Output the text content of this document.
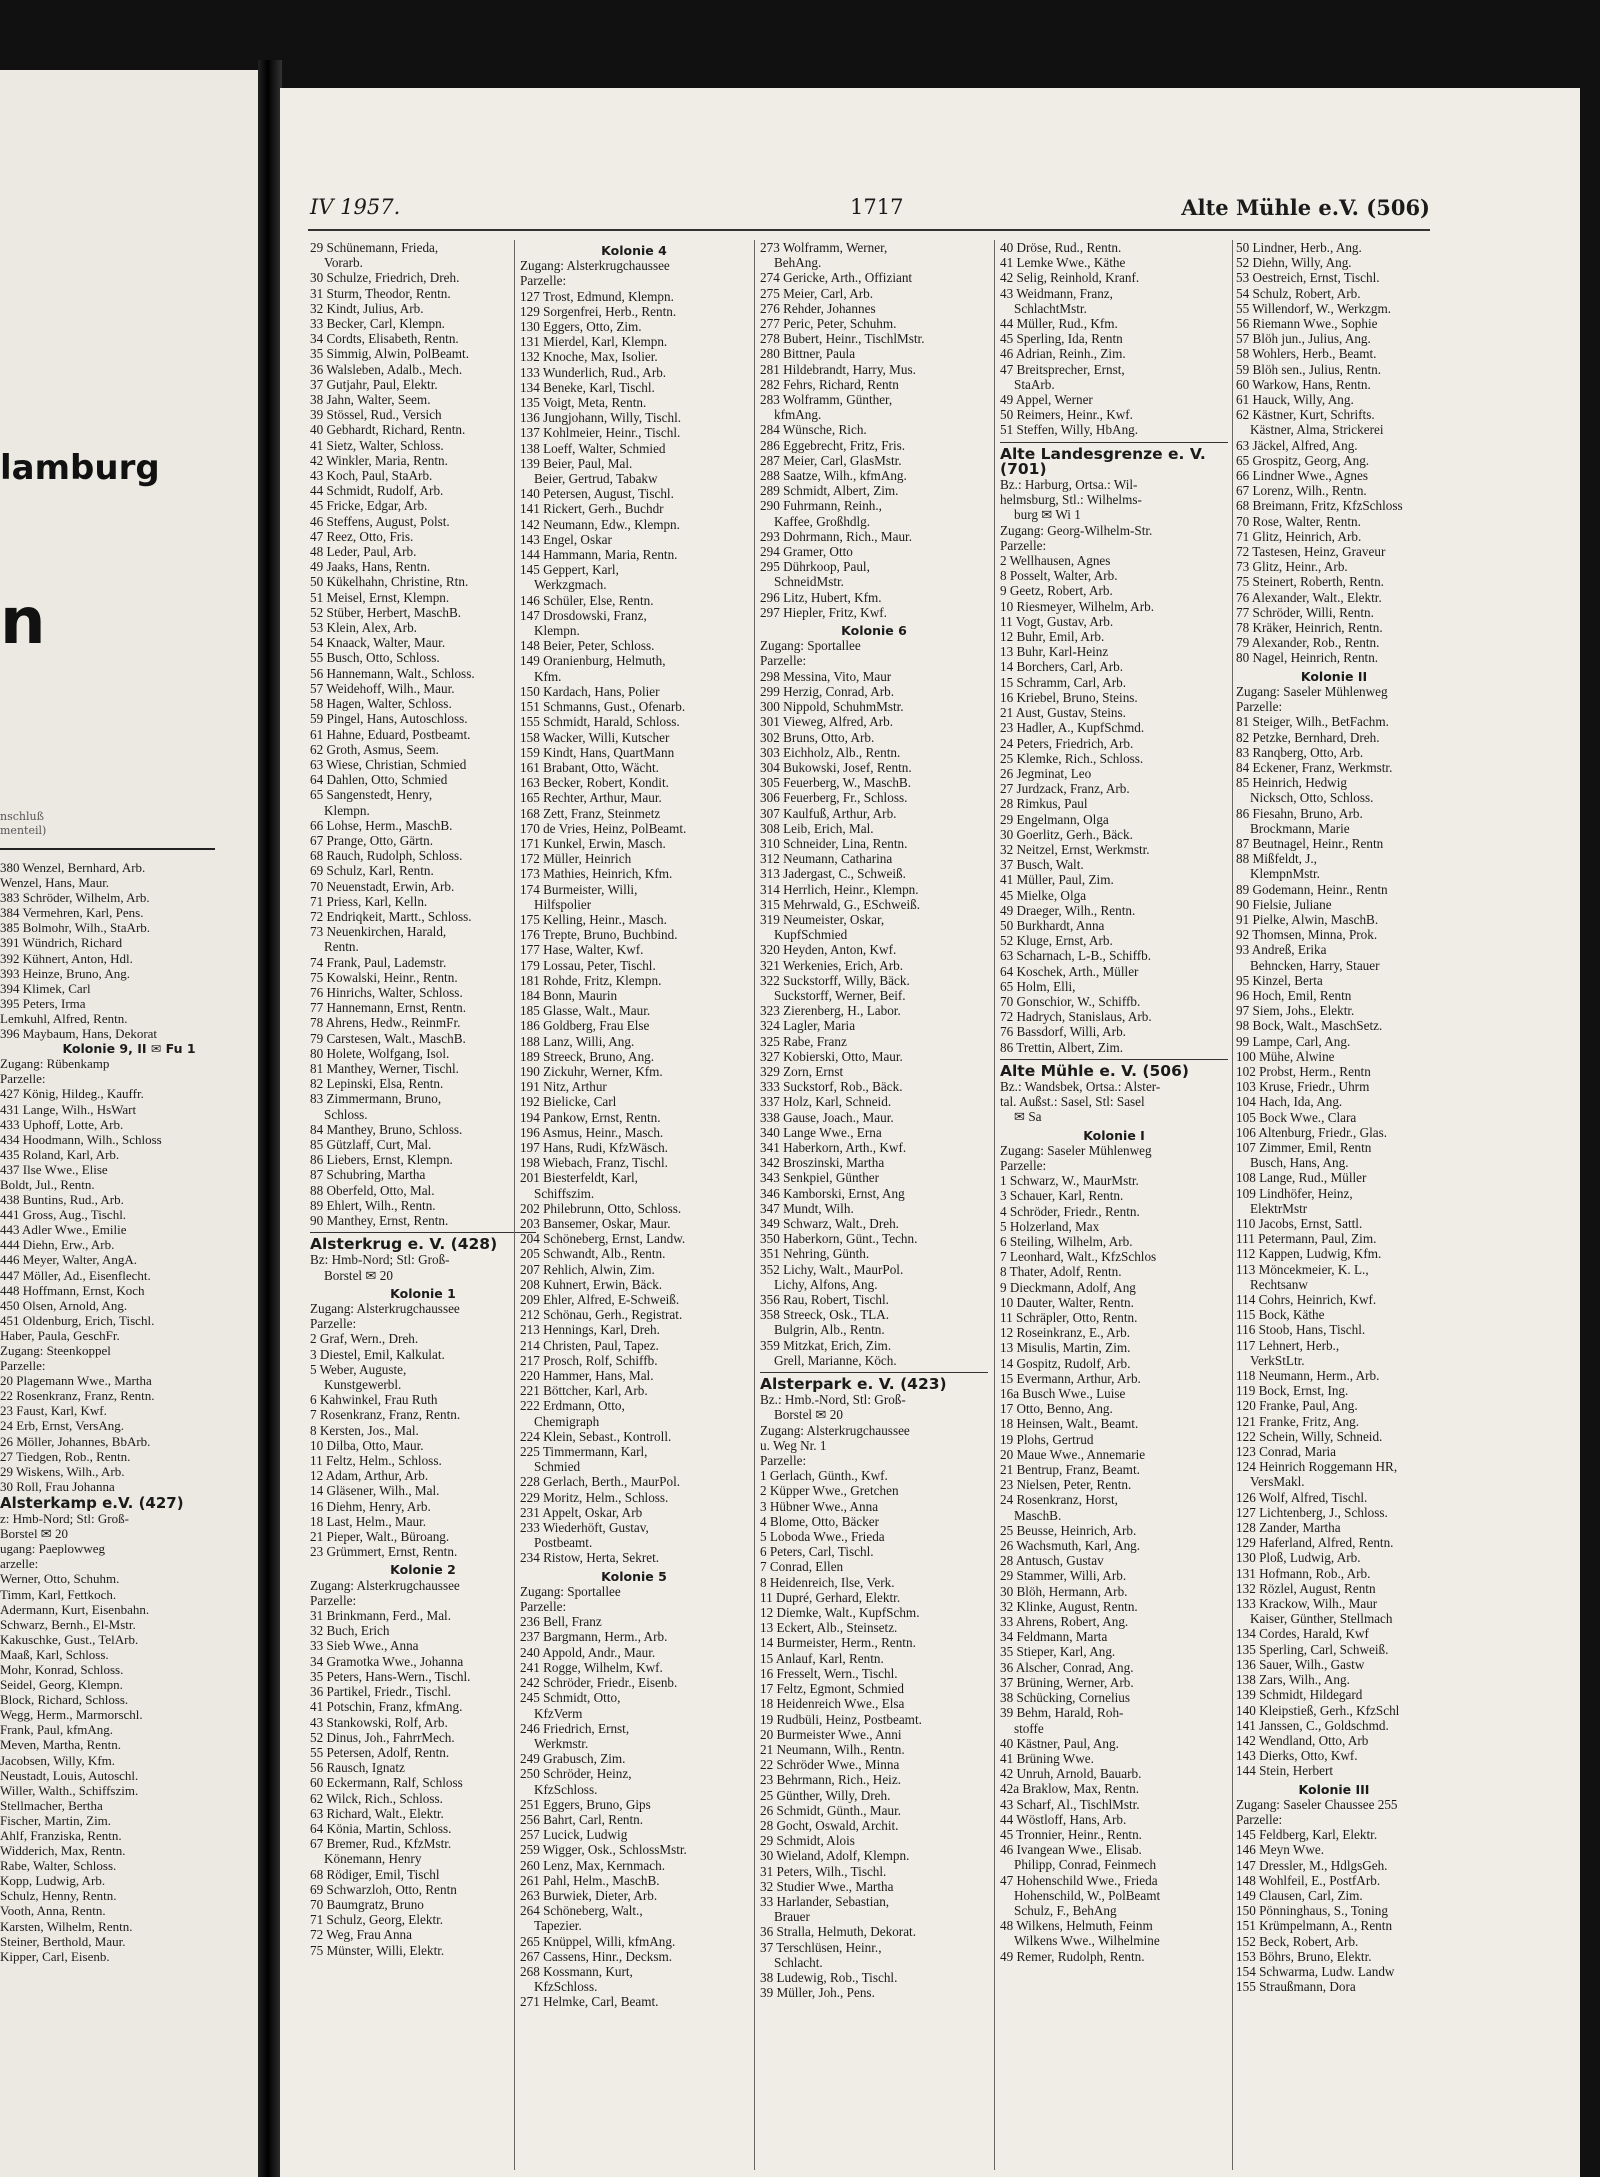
lamburg
n
nschluß
menteil)
380 Wenzel, Bernhard, Arb.
Wenzel, Hans, Maur.
383 Schröder, Wilhelm, Arb.
384 Vermehren, Karl, Pens.
385 Bolmohr, Wilh., StaArb.
391 Wündrich, Richard
392 Kühnert, Anton, Hdl.
393 Heinze, Bruno, Ang.
394 Klimek, Carl
395 Peters, Irma
Lemkuhl, Alfred, Rentn.
396 Maybaum, Hans, Dekorat
Kolonie 9, II ✉ Fu 1
Zugang: Rübenkamp
Parzelle:
427 König, Hildeg., Kauffr.
431 Lange, Wilh., HsWart
433 Uphoff, Lotte, Arb.
434 Hoodmann, Wilh., Schloss
435 Roland, Karl, Arb.
437 Ilse Wwe., Elise
Boldt, Jul., Rentn.
438 Buntins, Rud., Arb.
441 Gross, Aug., Tischl.
443 Adler Wwe., Emilie
444 Diehn, Erw., Arb.
446 Meyer, Walter, AngA.
447 Möller, Ad., Eisenflecht.
448 Hoffmann, Ernst, Koch
450 Olsen, Arnold, Ang.
451 Oldenburg, Erich, Tischl.
Haber, Paula, GeschFr.
Zugang: Steenkoppel
Parzelle:
20 Plagemann Wwe., Martha
22 Rosenkranz, Franz, Rentn.
23 Faust, Karl, Kwf.
24 Erb, Ernst, VersAng.
26 Möller, Johannes, BbArb.
27 Tiedgen, Rob., Rentn.
29 Wiskens, Wilh., Arb.
30 Roll, Frau Johanna
Alsterkamp e.V. (427)
z: Hmb-Nord; Stl: Groß-
Borstel ✉ 20
ugang: Paeplowweg
arzelle:
Werner, Otto, Schuhm.
Timm, Karl, Fettkoch.
Adermann, Kurt, Eisenbahn.
Schwarz, Bernh., El-Mstr.
Kakuschke, Gust., TelArb.
Maaß, Karl, Schloss.
Mohr, Konrad, Schloss.
Seidel, Georg, Klempn.
Block, Richard, Schloss.
Wegg, Herm., Marmorschl.
Frank, Paul, kfmAng.
Meven, Martha, Rentn.
Jacobsen, Willy, Kfm.
Neustadt, Louis, Autoschl.
Willer, Walth., Schiffszim.
Stellmacher, Bertha
Fischer, Martin, Zim.
Ahlf, Franziska, Rentn.
Widderich, Max, Rentn.
Rabe, Walter, Schloss.
Kopp, Ludwig, Arb.
Schulz, Henny, Rentn.
Vooth, Anna, Rentn.
Karsten, Wilhelm, Rentn.
Steiner, Berthold, Maur.
Kipper, Carl, Eisenb.
IV 1957.	1717	Alte Mühle e.V. (506)
29 Schünemann, Frieda,
Vorarb.
30 Schulze, Friedrich, Dreh.
31 Sturm, Theodor, Rentn.
32 Kindt, Julius, Arb.
33 Becker, Carl, Klempn.
34 Cordts, Elisabeth, Rentn.
35 Simmig, Alwin, PolBeamt.
36 Walsleben, Adalb., Mech.
37 Gutjahr, Paul, Elektr.
38 Jahn, Walter, Seem.
39 Stössel, Rud., Versich
40 Gebhardt, Richard, Rentn.
41 Sietz, Walter, Schloss.
42 Winkler, Maria, Rentn.
43 Koch, Paul, StaArb.
44 Schmidt, Rudolf, Arb.
45 Fricke, Edgar, Arb.
46 Steffens, August, Polst.
47 Reez, Otto, Fris.
48 Leder, Paul, Arb.
49 Jaaks, Hans, Rentn.
50 Kükelhahn, Christine, Rtn.
51 Meisel, Ernst, Klempn.
52 Stüber, Herbert, MaschB.
53 Klein, Alex, Arb.
54 Knaack, Walter, Maur.
55 Busch, Otto, Schloss.
56 Hannemann, Walt., Schloss.
57 Weidehoff, Wilh., Maur.
58 Hagen, Walter, Schloss.
59 Pingel, Hans, Autoschloss.
61 Hahne, Eduard, Postbeamt.
62 Groth, Asmus, Seem.
63 Wiese, Christian, Schmied
64 Dahlen, Otto, Schmied
65 Sangenstedt, Henry,
Klempn.
66 Lohse, Herm., MaschB.
67 Prange, Otto, Gärtn.
68 Rauch, Rudolph, Schloss.
69 Schulz, Karl, Rentn.
70 Neuenstadt, Erwin, Arb.
71 Priess, Karl, Kelln.
72 Endriqkeit, Martt., Schloss.
73 Neuenkirchen, Harald,
Rentn.
74 Frank, Paul, Lademstr.
75 Kowalski, Heinr., Rentn.
76 Hinrichs, Walter, Schloss.
77 Hannemann, Ernst, Rentn.
78 Ahrens, Hedw., ReinmFr.
79 Carstesen, Walt., MaschB.
80 Holete, Wolfgang, Isol.
81 Manthey, Werner, Tischl.
82 Lepinski, Elsa, Rentn.
83 Zimmermann, Bruno,
Schloss.
84 Manthey, Bruno, Schloss.
85 Gützlaff, Curt, Mal.
86 Liebers, Ernst, Klempn.
87 Schubring, Martha
88 Oberfeld, Otto, Mal.
89 Ehlert, Wilh., Rentn.
90 Manthey, Ernst, Rentn.
Alsterkrug e. V. (428)
Bz: Hmb-Nord; Stl: Groß-
Borstel ✉ 20
Kolonie 1
Zugang: Alsterkrugchaussee
Parzelle:
2 Graf, Wern., Dreh.
3 Diestel, Emil, Kalkulat.
5 Weber, Auguste,
Kunstgewerbl.
6 Kahwinkel, Frau Ruth
7 Rosenkranz, Franz, Rentn.
8 Kersten, Jos., Mal.
10 Dilba, Otto, Maur.
11 Feltz, Helm., Schloss.
12 Adam, Arthur, Arb.
14 Gläsener, Wilh., Mal.
16 Diehm, Henry, Arb.
18 Last, Helm., Maur.
21 Pieper, Walt., Büroang.
23 Grümmert, Ernst, Rentn.
Kolonie 2
Zugang: Alsterkrugchaussee
Parzelle:
31 Brinkmann, Ferd., Mal.
32 Buch, Erich
33 Sieb Wwe., Anna
34 Gramotka Wwe., Johanna
35 Peters, Hans-Wern., Tischl.
36 Partikel, Friedr., Tischl.
41 Potschin, Franz, kfmAng.
43 Stankowski, Rolf, Arb.
52 Dinus, Joh., FahrrMech.
55 Petersen, Adolf, Rentn.
56 Rausch, Ignatz
60 Eckermann, Ralf, Schloss
62 Wilck, Rich., Schloss.
63 Richard, Walt., Elektr.
64 Könia, Martin, Schloss.
67 Bremer, Rud., KfzMstr.
Könemann, Henry
68 Rödiger, Emil, Tischl
69 Schwarzloh, Otto, Rentn
70 Baumgratz, Bruno
71 Schulz, Georg, Elektr.
72 Weg, Frau Anna
75 Münster, Willi, Elektr.
Kolonie 4
Zugang: Alsterkrugchaussee
Parzelle:
127 Trost, Edmund, Klempn.
129 Sorgenfrei, Herb., Rentn.
130 Eggers, Otto, Zim.
131 Mierdel, Karl, Klempn.
132 Knoche, Max, Isolier.
133 Wunderlich, Rud., Arb.
134 Beneke, Karl, Tischl.
135 Voigt, Meta, Rentn.
136 Jungjohann, Willy, Tischl.
137 Kohlmeier, Heinr., Tischl.
138 Loeff, Walter, Schmied
139 Beier, Paul, Mal.
Beier, Gertrud, Tabakw
140 Petersen, August, Tischl.
141 Rickert, Gerh., Buchdr
142 Neumann, Edw., Klempn.
143 Engel, Oskar
144 Hammann, Maria, Rentn.
145 Geppert, Karl,
Werkzgmach.
146 Schüler, Else, Rentn.
147 Drosdowski, Franz,
Klempn.
148 Beier, Peter, Schloss.
149 Oranienburg, Helmuth,
Kfm.
150 Kardach, Hans, Polier
151 Schmanns, Gust., Ofenarb.
155 Schmidt, Harald, Schloss.
158 Wacker, Willi, Kutscher
159 Kindt, Hans, QuartMann
161 Brabant, Otto, Wächt.
163 Becker, Robert, Kondit.
165 Rechter, Arthur, Maur.
168 Zett, Franz, Steinmetz
170 de Vries, Heinz, PolBeamt.
171 Kunkel, Erwin, Masch.
172 Müller, Heinrich
173 Mathies, Heinrich, Kfm.
174 Burmeister, Willi,
Hilfspolier
175 Kelling, Heinr., Masch.
176 Trepte, Bruno, Buchbind.
177 Hase, Walter, Kwf.
179 Lossau, Peter, Tischl.
181 Rohde, Fritz, Klempn.
184 Bonn, Maurin
185 Glasse, Walt., Maur.
186 Goldberg, Frau Else
188 Lanz, Willi, Ang.
189 Streeck, Bruno, Ang.
190 Zickuhr, Werner, Kfm.
191 Nitz, Arthur
192 Bielicke, Carl
194 Pankow, Ernst, Rentn.
196 Asmus, Heinr., Masch.
197 Hans, Rudi, KfzWäsch.
198 Wiebach, Franz, Tischl.
201 Biesterfeldt, Karl,
Schiffszim.
202 Philebrunn, Otto, Schloss.
203 Bansemer, Oskar, Maur.
204 Schöneberg, Ernst, Landw.
205 Schwandt, Alb., Rentn.
207 Rehlich, Alwin, Zim.
208 Kuhnert, Erwin, Bäck.
209 Ehler, Alfred, E-Schweiß.
212 Schönau, Gerh., Registrat.
213 Hennings, Karl, Dreh.
214 Christen, Paul, Tapez.
217 Prosch, Rolf, Schiffb.
220 Hammer, Hans, Mal.
221 Böttcher, Karl, Arb.
222 Erdmann, Otto,
Chemigraph
224 Klein, Sebast., Kontroll.
225 Timmermann, Karl,
Schmied
228 Gerlach, Berth., MaurPol.
229 Moritz, Helm., Schloss.
231 Appelt, Oskar, Arb
233 Wiederhöft, Gustav,
Postbeamt.
234 Ristow, Herta, Sekret.
Kolonie 5
Zugang: Sportallee
Parzelle:
236 Bell, Franz
237 Bargmann, Herm., Arb.
240 Appold, Andr., Maur.
241 Rogge, Wilhelm, Kwf.
242 Schröder, Friedr., Eisenb.
245 Schmidt, Otto,
KfzVerm
246 Friedrich, Ernst,
Werkmstr.
249 Grabusch, Zim.
250 Schröder, Heinz,
KfzSchloss.
251 Eggers, Bruno, Gips
256 Bahrt, Carl, Rentn.
257 Lucick, Ludwig
259 Wigger, Osk., SchlossMstr.
260 Lenz, Max, Kernmach.
261 Pahl, Helm., MaschB.
263 Burwiek, Dieter, Arb.
264 Schöneberg, Walt.,
Tapezier.
265 Knüppel, Willi, kfmAng.
267 Cassens, Hinr., Decksm.
268 Kossmann, Kurt,
KfzSchloss.
271 Helmke, Carl, Beamt.
273 Wolframm, Werner,
BehAng.
274 Gericke, Arth., Offiziant
275 Meier, Carl, Arb.
276 Rehder, Johannes
277 Peric, Peter, Schuhm.
278 Bubert, Heinr., TischlMstr.
280 Bittner, Paula
281 Hildebrandt, Harry, Mus.
282 Fehrs, Richard, Rentn
283 Wolframm, Günther,
kfmAng.
284 Wünsche, Rich.
286 Eggebrecht, Fritz, Fris.
287 Meier, Carl, GlasMstr.
288 Saatze, Wilh., kfmAng.
289 Schmidt, Albert, Zim.
290 Fuhrmann, Reinh.,
Kaffee, Großhdlg.
293 Dohrmann, Rich., Maur.
294 Gramer, Otto
295 Dührkoop, Paul,
SchneidMstr.
296 Litz, Hubert, Kfm.
297 Hiepler, Fritz, Kwf.
Kolonie 6
Zugang: Sportallee
Parzelle:
298 Messina, Vito, Maur
299 Herzig, Conrad, Arb.
300 Nippold, SchuhmMstr.
301 Vieweg, Alfred, Arb.
302 Bruns, Otto, Arb.
303 Eichholz, Alb., Rentn.
304 Bukowski, Josef, Rentn.
305 Feuerberg, W., MaschB.
306 Feuerberg, Fr., Schloss.
307 Kaulfuß, Arthur, Arb.
308 Leib, Erich, Mal.
310 Schneider, Lina, Rentn.
312 Neumann, Catharina
313 Jadergast, C., Schweiß.
314 Herrlich, Heinr., Klempn.
315 Mehrwald, G., ESchweiß.
319 Neumeister, Oskar,
KupfSchmied
320 Heyden, Anton, Kwf.
321 Werkenies, Erich, Arb.
322 Suckstorff, Willy, Bäck.
Suckstorff, Werner, Beif.
323 Zierenberg, H., Labor.
324 Lagler, Maria
325 Rabe, Franz
327 Kobierski, Otto, Maur.
329 Zorn, Ernst
333 Suckstorf, Rob., Bäck.
337 Holz, Karl, Schneid.
338 Gause, Joach., Maur.
340 Lange Wwe., Erna
341 Haberkorn, Arth., Kwf.
342 Broszinski, Martha
343 Senkpiel, Günther
346 Kamborski, Ernst, Ang
347 Mundt, Wilh.
349 Schwarz, Walt., Dreh.
350 Haberkorn, Günt., Techn.
351 Nehring, Günth.
352 Lichy, Walt., MaurPol.
Lichy, Alfons, Ang.
356 Rau, Robert, Tischl.
358 Streeck, Osk., TLA.
Bulgrin, Alb., Rentn.
359 Mitzkat, Erich, Zim.
Grell, Marianne, Köch.
Alsterpark e. V. (423)
Bz.: Hmb.-Nord, Stl: Groß-
Borstel ✉ 20
Zugang: Alsterkrugchaussee
u. Weg Nr. 1
Parzelle:
1 Gerlach, Günth., Kwf.
2 Küpper Wwe., Gretchen
3 Hübner Wwe., Anna
4 Blome, Otto, Bäcker
5 Loboda Wwe., Frieda
6 Peters, Carl, Tischl.
7 Conrad, Ellen
8 Heidenreich, Ilse, Verk.
11 Dupré, Gerhard, Elektr.
12 Diemke, Walt., KupfSchm.
13 Eckert, Alb., Steinsetz.
14 Burmeister, Herm., Rentn.
15 Anlauf, Karl, Rentn.
16 Fresselt, Wern., Tischl.
17 Feltz, Egmont, Schmied
18 Heidenreich Wwe., Elsa
19 Rudbüli, Heinz, Postbeamt.
20 Burmeister Wwe., Anni
21 Neumann, Wilh., Rentn.
22 Schröder Wwe., Minna
23 Behrmann, Rich., Heiz.
25 Günther, Willy, Dreh.
26 Schmidt, Günth., Maur.
28 Gocht, Oswald, Archit.
29 Schmidt, Alois
30 Wieland, Adolf, Klempn.
31 Peters, Wilh., Tischl.
32 Studier Wwe., Martha
33 Harlander, Sebastian,
Brauer
36 Stralla, Helmuth, Dekorat.
37 Terschlüsen, Heinr.,
Schlacht.
38 Ludewig, Rob., Tischl.
39 Müller, Joh., Pens.
40 Dröse, Rud., Rentn.
41 Lemke Wwe., Käthe
42 Selig, Reinhold, Kranf.
43 Weidmann, Franz,
SchlachtMstr.
44 Müller, Rud., Kfm.
45 Sperling, Ida, Rentn
46 Adrian, Reinh., Zim.
47 Breitsprecher, Ernst,
StaArb.
49 Appel, Werner
50 Reimers, Heinr., Kwf.
51 Steffen, Willy, HbAng.
Alte Landesgrenze e. V. (701)
Bz.: Harburg, Ortsa.: Wil-
helmsburg, Stl.: Wilhelms-
burg ✉ Wi 1
Zugang: Georg-Wilhelm-Str.
Parzelle:
2 Wellhausen, Agnes
8 Posselt, Walter, Arb.
9 Geetz, Robert, Arb.
10 Riesmeyer, Wilhelm, Arb.
11 Vogt, Gustav, Arb.
12 Buhr, Emil, Arb.
13 Buhr, Karl-Heinz
14 Borchers, Carl, Arb.
15 Schramm, Carl, Arb.
16 Kriebel, Bruno, Steins.
21 Aust, Gustav, Steins.
23 Hadler, A., KupfSchmd.
24 Peters, Friedrich, Arb.
25 Klemke, Rich., Schloss.
26 Jegminat, Leo
27 Jurdzack, Franz, Arb.
28 Rimkus, Paul
29 Engelmann, Olga
30 Goerlitz, Gerh., Bäck.
32 Neitzel, Ernst, Werkmstr.
37 Busch, Walt.
41 Müller, Paul, Zim.
45 Mielke, Olga
49 Draeger, Wilh., Rentn.
50 Burkhardt, Anna
52 Kluge, Ernst, Arb.
63 Scharnach, L-B., Schiffb.
64 Koschek, Arth., Müller
65 Holm, Elli,
70 Gonschior, W., Schiffb.
72 Hadrych, Stanislaus, Arb.
76 Bassdorf, Willi, Arb.
86 Trettin, Albert, Zim.
Alte Mühle e. V. (506)
Bz.: Wandsbek, Ortsa.: Alster-
tal. Außst.: Sasel, Stl: Sasel
✉ Sa
Kolonie I
Zugang: Saseler Mühlenweg
Parzelle:
1 Schwarz, W., MaurMstr.
3 Schauer, Karl, Rentn.
4 Schröder, Friedr., Rentn.
5 Holzerland, Max
6 Steiling, Wilhelm, Arb.
7 Leonhard, Walt., KfzSchlos
8 Thater, Adolf, Rentn.
9 Dieckmann, Adolf, Ang
10 Dauter, Walter, Rentn.
11 Schräpler, Otto, Rentn.
12 Roseinkranz, E., Arb.
13 Misulis, Martin, Zim.
14 Gospitz, Rudolf, Arb.
15 Evermann, Arthur, Arb.
16a Busch Wwe., Luise
17 Otto, Benno, Ang.
18 Heinsen, Walt., Beamt.
19 Plohs, Gertrud
20 Maue Wwe., Annemarie
21 Bentrup, Franz, Beamt.
23 Nielsen, Peter, Rentn.
24 Rosenkranz, Horst,
MaschB.
25 Beusse, Heinrich, Arb.
26 Wachsmuth, Karl, Ang.
28 Antusch, Gustav
29 Stammer, Willi, Arb.
30 Blöh, Hermann, Arb.
32 Klinke, August, Rentn.
33 Ahrens, Robert, Ang.
34 Feldmann, Marta
35 Stieper, Karl, Ang.
36 Alscher, Conrad, Ang.
37 Brüning, Werner, Arb.
38 Schücking, Cornelius
39 Behm, Harald, Roh-
stoffe
40 Kästner, Paul, Ang.
41 Brüning Wwe.
42 Unruh, Arnold, Bauarb.
42a Braklow, Max, Rentn.
43 Scharf, Al., TischlMstr.
44 Wöstloff, Hans, Arb.
45 Tronnier, Heinr., Rentn.
46 Ivangean Wwe., Elisab.
Philipp, Conrad, Feinmech
47 Hohenschild Wwe., Frieda
Hohenschild, W., PolBeamt
Schulz, F., BehAng
48 Wilkens, Helmuth, Feinm
Wilkens Wwe., Wilhelmine
49 Remer, Rudolph, Rentn.
50 Lindner, Herb., Ang.
52 Diehn, Willy, Ang.
53 Oestreich, Ernst, Tischl.
54 Schulz, Robert, Arb.
55 Willendorf, W., Werkzgm.
56 Riemann Wwe., Sophie
57 Blöh jun., Julius, Ang.
58 Wohlers, Herb., Beamt.
59 Blöh sen., Julius, Rentn.
60 Warkow, Hans, Rentn.
61 Hauck, Willy, Ang.
62 Kästner, Kurt, Schrifts.
Kästner, Alma, Strickerei
63 Jäckel, Alfred, Ang.
65 Grospitz, Georg, Ang.
66 Lindner Wwe., Agnes
67 Lorenz, Wilh., Rentn.
68 Breimann, Fritz, KfzSchloss
70 Rose, Walter, Rentn.
71 Glitz, Heinrich, Arb.
72 Tastesen, Heinz, Graveur
73 Glitz, Heinr., Arb.
75 Steinert, Roberth, Rentn.
76 Alexander, Walt., Elektr.
77 Schröder, Willi, Rentn.
78 Kräker, Heinrich, Rentn.
79 Alexander, Rob., Rentn.
80 Nagel, Heinrich, Rentn.
Kolonie II
Zugang: Saseler Mühlenweg
Parzelle:
81 Steiger, Wilh., BetFachm.
82 Petzke, Bernhard, Dreh.
83 Ranqberg, Otto, Arb.
84 Eckener, Franz, Werkmstr.
85 Heinrich, Hedwig
Nicksch, Otto, Schloss.
86 Fiesahn, Bruno, Arb.
Brockmann, Marie
87 Beutnagel, Heinr., Rentn
88 Mißfeldt, J.,
KlempnMstr.
89 Godemann, Heinr., Rentn
90 Fielsie, Juliane
91 Pielke, Alwin, MaschB.
92 Thomsen, Minna, Prok.
93 Andreß, Erika
Behncken, Harry, Stauer
95 Kinzel, Berta
96 Hoch, Emil, Rentn
97 Siem, Johs., Elektr.
98 Bock, Walt., MaschSetz.
99 Lampe, Carl, Ang.
100 Mühe, Alwine
102 Probst, Herm., Rentn
103 Kruse, Friedr., Uhrm
104 Hach, Ida, Ang.
105 Bock Wwe., Clara
106 Altenburg, Friedr., Glas.
107 Zimmer, Emil, Rentn
Busch, Hans, Ang.
108 Lange, Rud., Müller
109 Lindhöfer, Heinz,
ElektrMstr
110 Jacobs, Ernst, Sattl.
111 Petermann, Paul, Zim.
112 Kappen, Ludwig, Kfm.
113 Möncekmeier, K. L.,
Rechtsanw
114 Cohrs, Heinrich, Kwf.
115 Bock, Käthe
116 Stoob, Hans, Tischl.
117 Lehnert, Herb.,
VerkStLtr.
118 Neumann, Herm., Arb.
119 Bock, Ernst, Ing.
120 Franke, Paul, Ang.
121 Franke, Fritz, Ang.
122 Schein, Willy, Schneid.
123 Conrad, Maria
124 Heinrich Roggemann HR,
VersMakl.
126 Wolf, Alfred, Tischl.
127 Lichtenberg, J., Schloss.
128 Zander, Martha
129 Haferland, Alfred, Rentn.
130 Ploß, Ludwig, Arb.
131 Hofmann, Rob., Arb.
132 Rözlel, August, Rentn
133 Krackow, Wilh., Maur
Kaiser, Günther, Stellmach
134 Cordes, Harald, Kwf
135 Sperling, Carl, Schweiß.
136 Sauer, Wilh., Gastw
138 Zars, Wilh., Ang.
139 Schmidt, Hildegard
140 Kleipstieß, Gerh., KfzSchl
141 Janssen, C., Goldschmd.
142 Wendland, Otto, Arb
143 Dierks, Otto, Kwf.
144 Stein, Herbert
Kolonie III
Zugang: Saseler Chaussee 255
Parzelle:
145 Feldberg, Karl, Elektr.
146 Meyn Wwe.
147 Dressler, M., HdlgsGeh.
148 Wohlfeil, E., PostfArb.
149 Clausen, Carl, Zim.
150 Pönninghaus, S., Toning
151 Krümpelmann, A., Rentn
152 Beck, Robert, Arb.
153 Böhrs, Bruno, Elektr.
154 Schwarma, Ludw. Landw
155 Straußmann, Dora
